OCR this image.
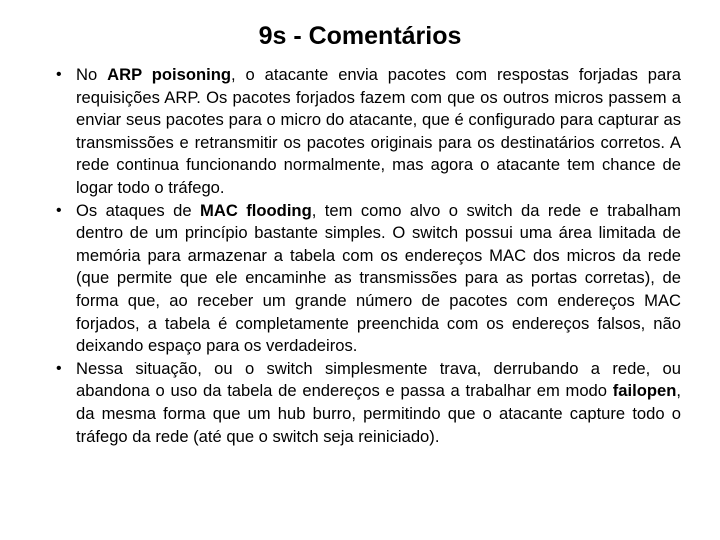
9s - Comentários
• No ARP poisoning, o atacante envia pacotes com respostas forjadas para requisições ARP. Os pacotes forjados fazem com que os outros micros passem a enviar seus pacotes para o micro do atacante, que é configurado para capturar as transmissões e retransmitir os pacotes originais para os destinatários corretos. A rede continua funcionando normalmente, mas agora o atacante tem chance de logar todo o tráfego.
• Os ataques de MAC flooding, tem como alvo o switch da rede e trabalham dentro de um princípio bastante simples. O switch possui uma área limitada de memória para armazenar a tabela com os endereços MAC dos micros da rede (que permite que ele encaminhe as transmissões para as portas corretas), de forma que, ao receber um grande número de pacotes com endereços MAC forjados, a tabela é completamente preenchida com os endereços falsos, não deixando espaço para os verdadeiros.
• Nessa situação, ou o switch simplesmente trava, derrubando a rede, ou abandona o uso da tabela de endereços e passa a trabalhar em modo failopen, da mesma forma que um hub burro, permitindo que o atacante capture todo o tráfego da rede (até que o switch seja reiniciado).
